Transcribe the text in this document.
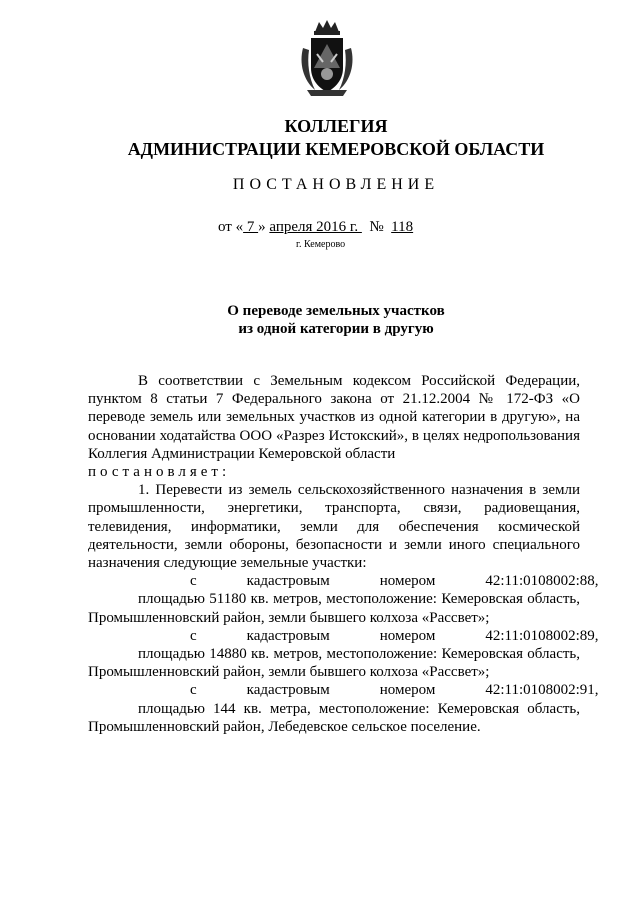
КОЛЛЕГИЯ
АДМИНИСТРАЦИИ КЕМЕРОВСКОЙ ОБЛАСТИ
ПОСТАНОВЛЕНИЕ
от « 7 » апреля 2016 г.   №  118
г. Кемерово
О переводе земельных участков
из одной категории в другую
В соответствии с Земельным кодексом Российской Федерации, пунктом 8 статьи 7 Федерального закона от 21.12.2004 № 172-ФЗ «О переводе земель или земельных участков из одной категории в другую», на основании ходатайства ООО «Разрез Истокский», в целях недропользования Коллегия Администрации Кемеровской области
постановляет:
1. Перевести из земель сельскохозяйственного назначения в земли промышленности, энергетики, транспорта, связи, радиовещания, телевидения, информатики, земли для обеспечения космической деятельности, земли обороны, безопасности и земли иного специального назначения следующие земельные участки:
с	кадастровым	номером	42:11:0108002:88,
площадью 51180 кв. метров, местоположение: Кемеровская область, Промышленновский район, земли бывшего колхоза «Рассвет»;
с	кадастровым	номером	42:11:0108002:89,
площадью 14880 кв. метров, местоположение: Кемеровская область, Промышленновский район, земли бывшего колхоза «Рассвет»;
с	кадастровым	номером	42:11:0108002:91,
площадью 144 кв. метра, местоположение: Кемеровская область, Промышленновский район, Лебедевское сельское поселение.
